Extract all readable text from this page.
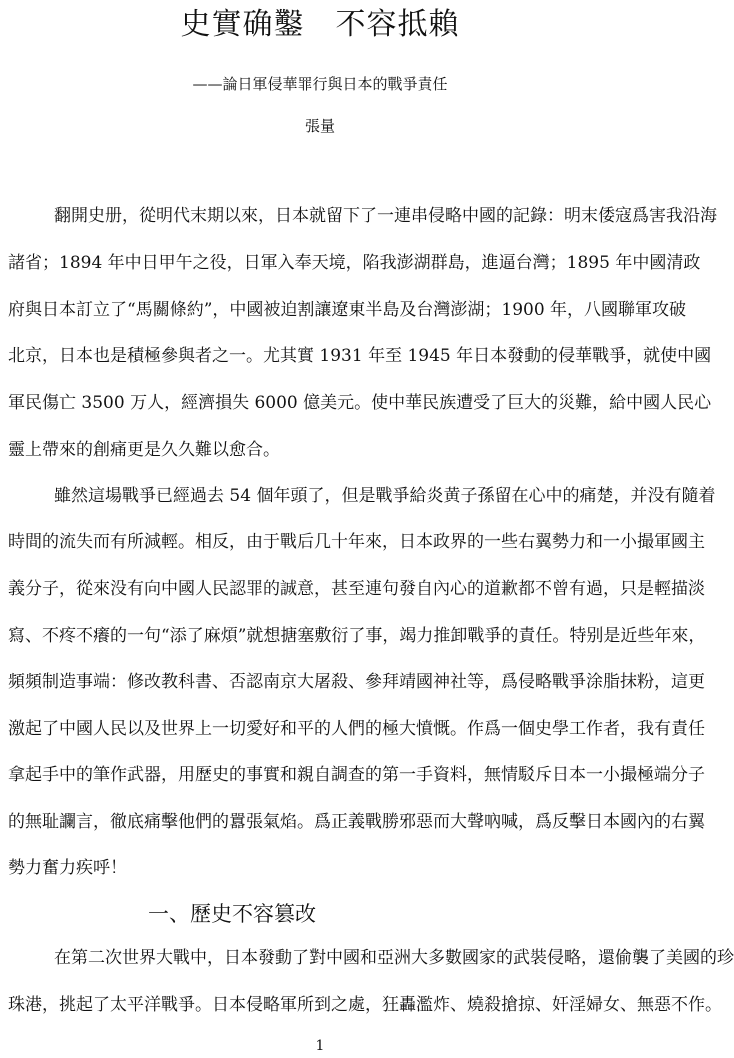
史實确鑿　不容抵賴
——論日軍侵華罪行與日本的戰爭責任
張量
翻開史册，從明代末期以來，日本就留下了一連串侵略中國的記錄：明末倭寇爲害我沿海
諸省；1894 年中日甲午之役，日軍入奉天境，陷我澎湖群島，進逼台灣；1895 年中國清政
府與日本訂立了“馬關條約”，中國被迫割讓遼東半島及台灣澎湖；1900 年，八國聯軍攻破
北京，日本也是積極參與者之一。尤其實 1931 年至 1945 年日本發動的侵華戰爭，就使中國
軍民傷亡 3500 万人，經濟損失 6000 億美元。使中華民族遭受了巨大的災難，給中國人民心
靈上帶來的創痛更是久久難以愈合。
雖然這場戰爭已經過去 54 個年頭了，但是戰爭給炎黄子孫留在心中的痛楚，并没有隨着
時間的流失而有所減輕。相反，由于戰后几十年來，日本政界的一些右翼勢力和一小撮軍國主
義分子，從來没有向中國人民認罪的誠意，甚至連句發自內心的道歉都不曾有過，只是輕描淡
寫、不疼不癢的一句“添了麻煩”就想搪塞敷衍了事，竭力推卸戰爭的責任。特别是近些年來，
頻頻制造事端：修改教科書、否認南京大屠殺、參拜靖國神社等，爲侵略戰爭涂脂抹粉，這更
激起了中國人民以及世界上一切愛好和平的人們的極大憤慨。作爲一個史學工作者，我有責任
拿起手中的筆作武器，用歷史的事實和親自調查的第一手資料，無情駁斥日本一小撮極端分子
的無耻讕言，徹底痛擊他們的囂張氣焰。爲正義戰勝邪惡而大聲吶喊，爲反擊日本國內的右翼
勢力奮力疾呼！
一、歷史不容篡改
在第二次世界大戰中，日本發動了對中國和亞洲大多數國家的武裝侵略，還偷襲了美國的珍
珠港，挑起了太平洋戰爭。日本侵略軍所到之處，狂轟濫炸、燒殺搶掠、奸淫婦女、無惡不作。
1
